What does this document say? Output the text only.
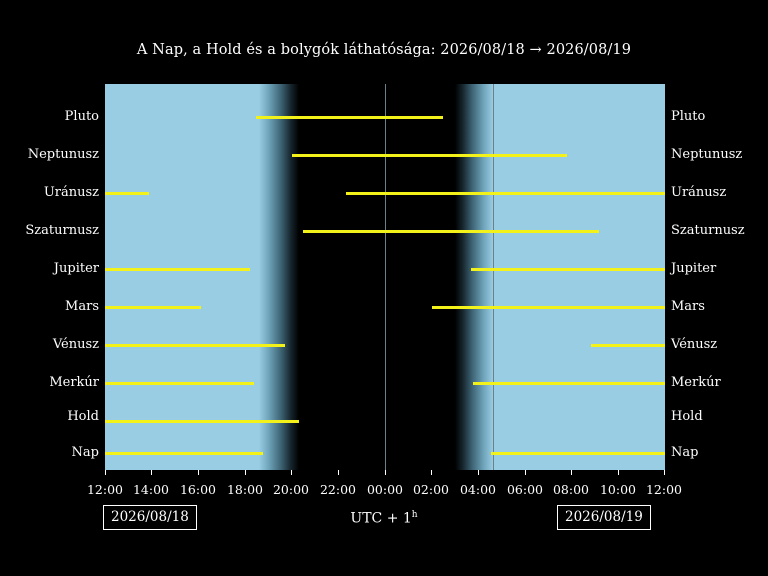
A Nap, a Hold és a bolygók láthatósága: 2026/08/18 → 2026/08/19
Pluto
Neptunusz
Uránusz
Szaturnusz
Jupiter
Mars
Vénusz
Merkúr
Hold
Nap
Pluto
Neptunusz
Uránusz
Szaturnusz
Jupiter
Mars
Vénusz
Merkúr
Hold
Nap
12:00 14:00 16:00 18:00 20:00 22:00 00:00 02:00 04:00 06:00 08:00 10:00 12:00
UTC + $1^h$
2026/08/18	2026/08/19
